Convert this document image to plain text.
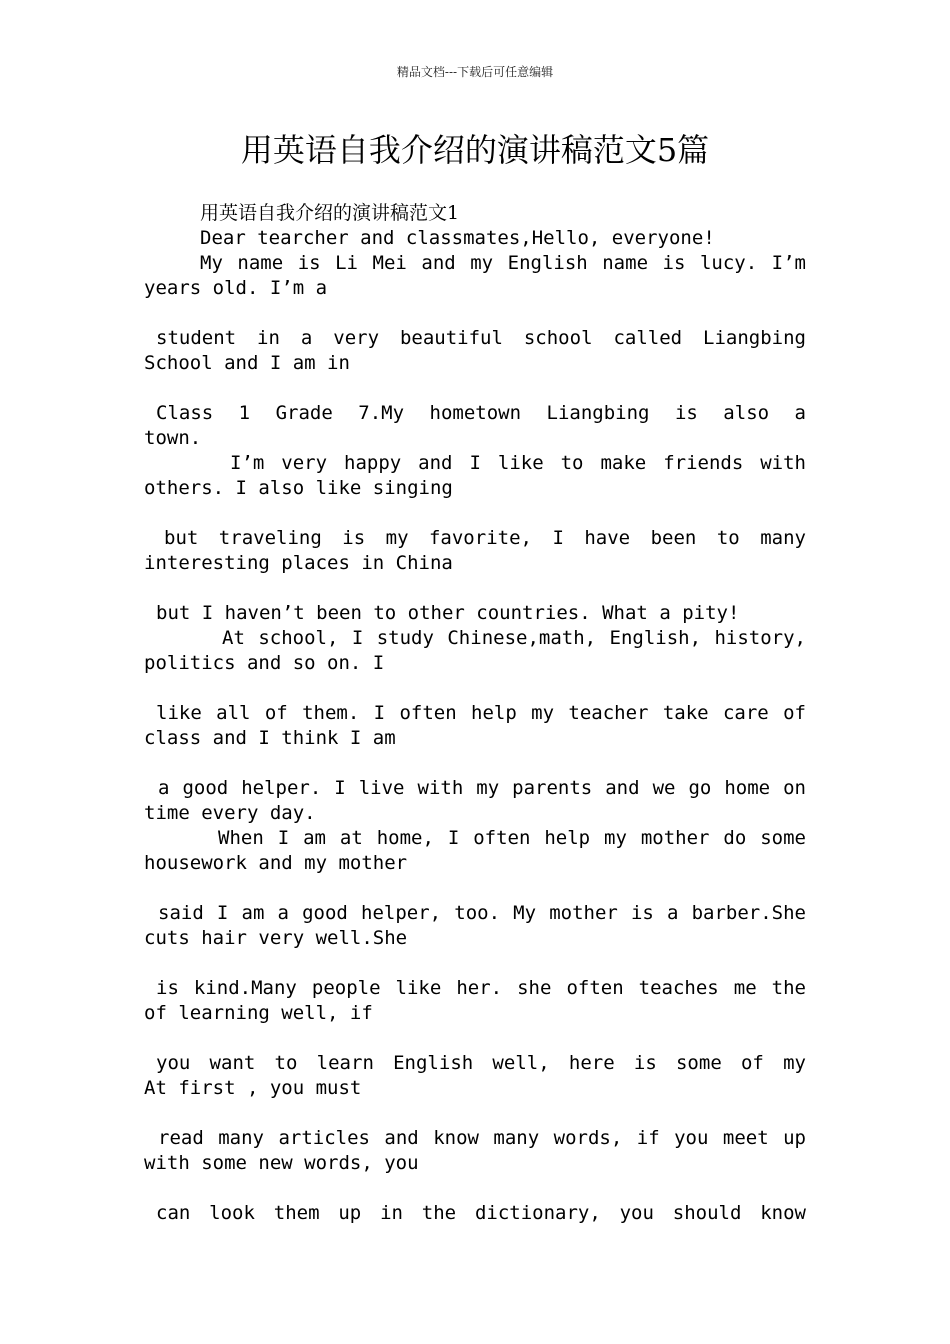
精品文档---下载后可任意编辑
用英语自我介绍的演讲稿范文5篇
用英语自我介绍的演讲稿范文1
Dear tearcher and classmates,Hello, everyone!
My name is Li Mei and my English name is lucy. I’m
years old. I’m a
student in a very beautiful school called Liangbing
School and I am in
Class 1 Grade 7.My hometown Liangbing is also a
town.
I’m very happy and I like to make friends with
others. I also like singing
but traveling is my favorite, I have been to many
interesting places in China
but I haven’t been to other countries. What a pity!
At school, I study Chinese,math, English, history,
politics and so on. I
like all of them. I often help my teacher take care of
class and I think I am
a good helper. I live with my parents and we go home on
time every day.
When I am at home, I often help my mother do some
housework and my mother
said I am a good helper, too. My mother is a barber.She
cuts hair very well.She
is kind.Many people like her. she often teaches me the
of learning well, if
you want to learn English well, here is some of my
At first , you must
read many articles and know many words, if you meet up
with some new words, you
can look them up in the dictionary, you should know
